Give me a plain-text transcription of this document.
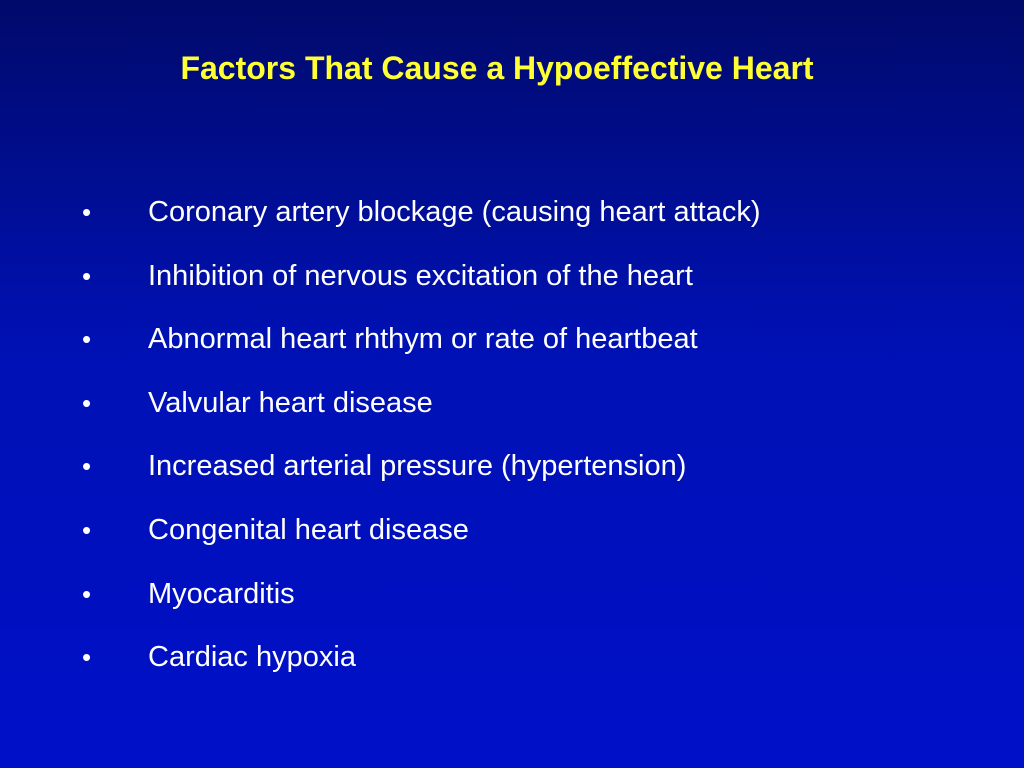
Factors That Cause a Hypoeffective Heart
•	Coronary artery blockage (causing heart attack)
•	Inhibition of nervous excitation of the heart
•	Abnormal heart rhthym or rate of heartbeat
•	Valvular heart disease
•	Increased arterial pressure (hypertension)
•	Congenital heart disease
•	Myocarditis
•	Cardiac hypoxia
